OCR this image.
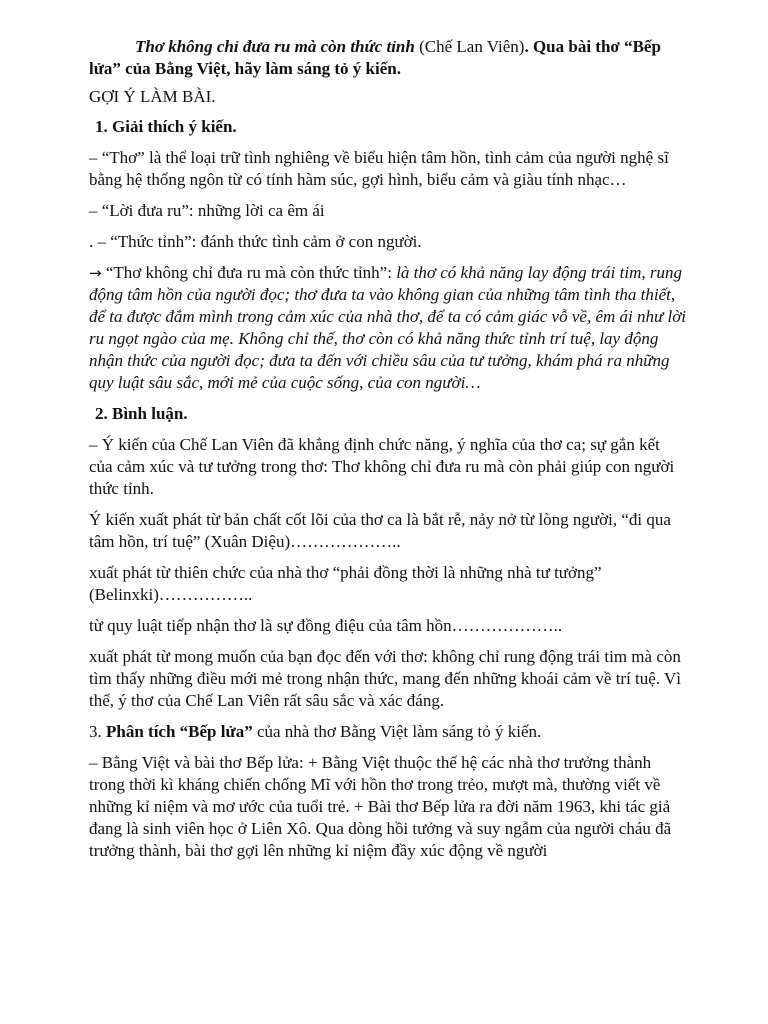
Thơ không chỉ đưa ru mà còn thức tỉnh (Chế Lan Viên). Qua bài thơ “Bếp lửa” của Bằng Việt, hãy làm sáng tỏ ý kiến.

GỢI Ý LÀM BÀI.

1. Giải thích ý kiến.

– “Thơ” là thể loại trữ tình nghiêng về biểu hiện tâm hồn, tình cảm của người nghệ sĩ bằng hệ thống ngôn từ có tính hàm súc, gợi hình, biểu cảm và giàu tính nhạc…

– “Lời đưa ru”: những lời ca êm ái

. – “Thức tỉnh”: đánh thức tình cảm ở con người.

→ “Thơ không chỉ đưa ru mà còn thức tỉnh”: là thơ có khả năng lay động trái tim, rung động tâm hồn của người đọc; thơ đưa ta vào không gian của những tâm tình tha thiết, để ta được đắm mình trong cảm xúc của nhà thơ, để ta có cảm giác vỗ về, êm ái như lời ru ngọt ngào của mẹ. Không chỉ thế, thơ còn có khả năng thức tỉnh trí tuệ, lay động nhận thức của người đọc; đưa ta đến với chiều sâu của tư tưởng, khám phá ra những quy luật sâu sắc, mới mẻ của cuộc sống, của con người…

2. Bình luận.

– Ý kiến của Chế Lan Viên đã khẳng định chức năng, ý nghĩa của thơ ca; sự gắn kết của cảm xúc và tư tưởng trong thơ: Thơ không chỉ đưa ru mà còn phải giúp con người thức tỉnh.

Ý kiến xuất phát từ bản chất cốt lõi của thơ ca là bắt rễ, nảy nở từ lòng người, “đi qua tâm hồn, trí tuệ” (Xuân Diệu)………………..

xuất phát từ thiên chức của nhà thơ “phải đồng thời là những nhà tư tưởng” (Belinxki)……………..

từ quy luật tiếp nhận thơ là sự đồng điệu của tâm hồn………………..

xuất phát từ mong muốn của bạn đọc đến với thơ: không chỉ rung động trái tim mà còn tìm thấy những điều mới mẻ trong nhận thức, mang đến những khoái cảm về trí tuệ. Vì thế, ý thơ của Chế Lan Viên rất sâu sắc và xác đáng.

3. Phân tích “Bếp lửa” của nhà thơ Bằng Việt làm sáng tỏ ý kiến.

– Bằng Việt và bài thơ Bếp lửa: + Bằng Việt thuộc thế hệ các nhà thơ trưởng thành trong thời kì kháng chiến chống Mĩ với hồn thơ trong trẻo, mượt mà, thường viết về những kỉ niệm và mơ ước của tuổi trẻ. + Bài thơ Bếp lửa ra đời năm 1963, khi tác giả đang là sinh viên học ở Liên Xô. Qua dòng hồi tưởng và suy ngẫm của người cháu đã trưởng thành, bài thơ gợi lên những kỉ niệm đầy xúc động về người
